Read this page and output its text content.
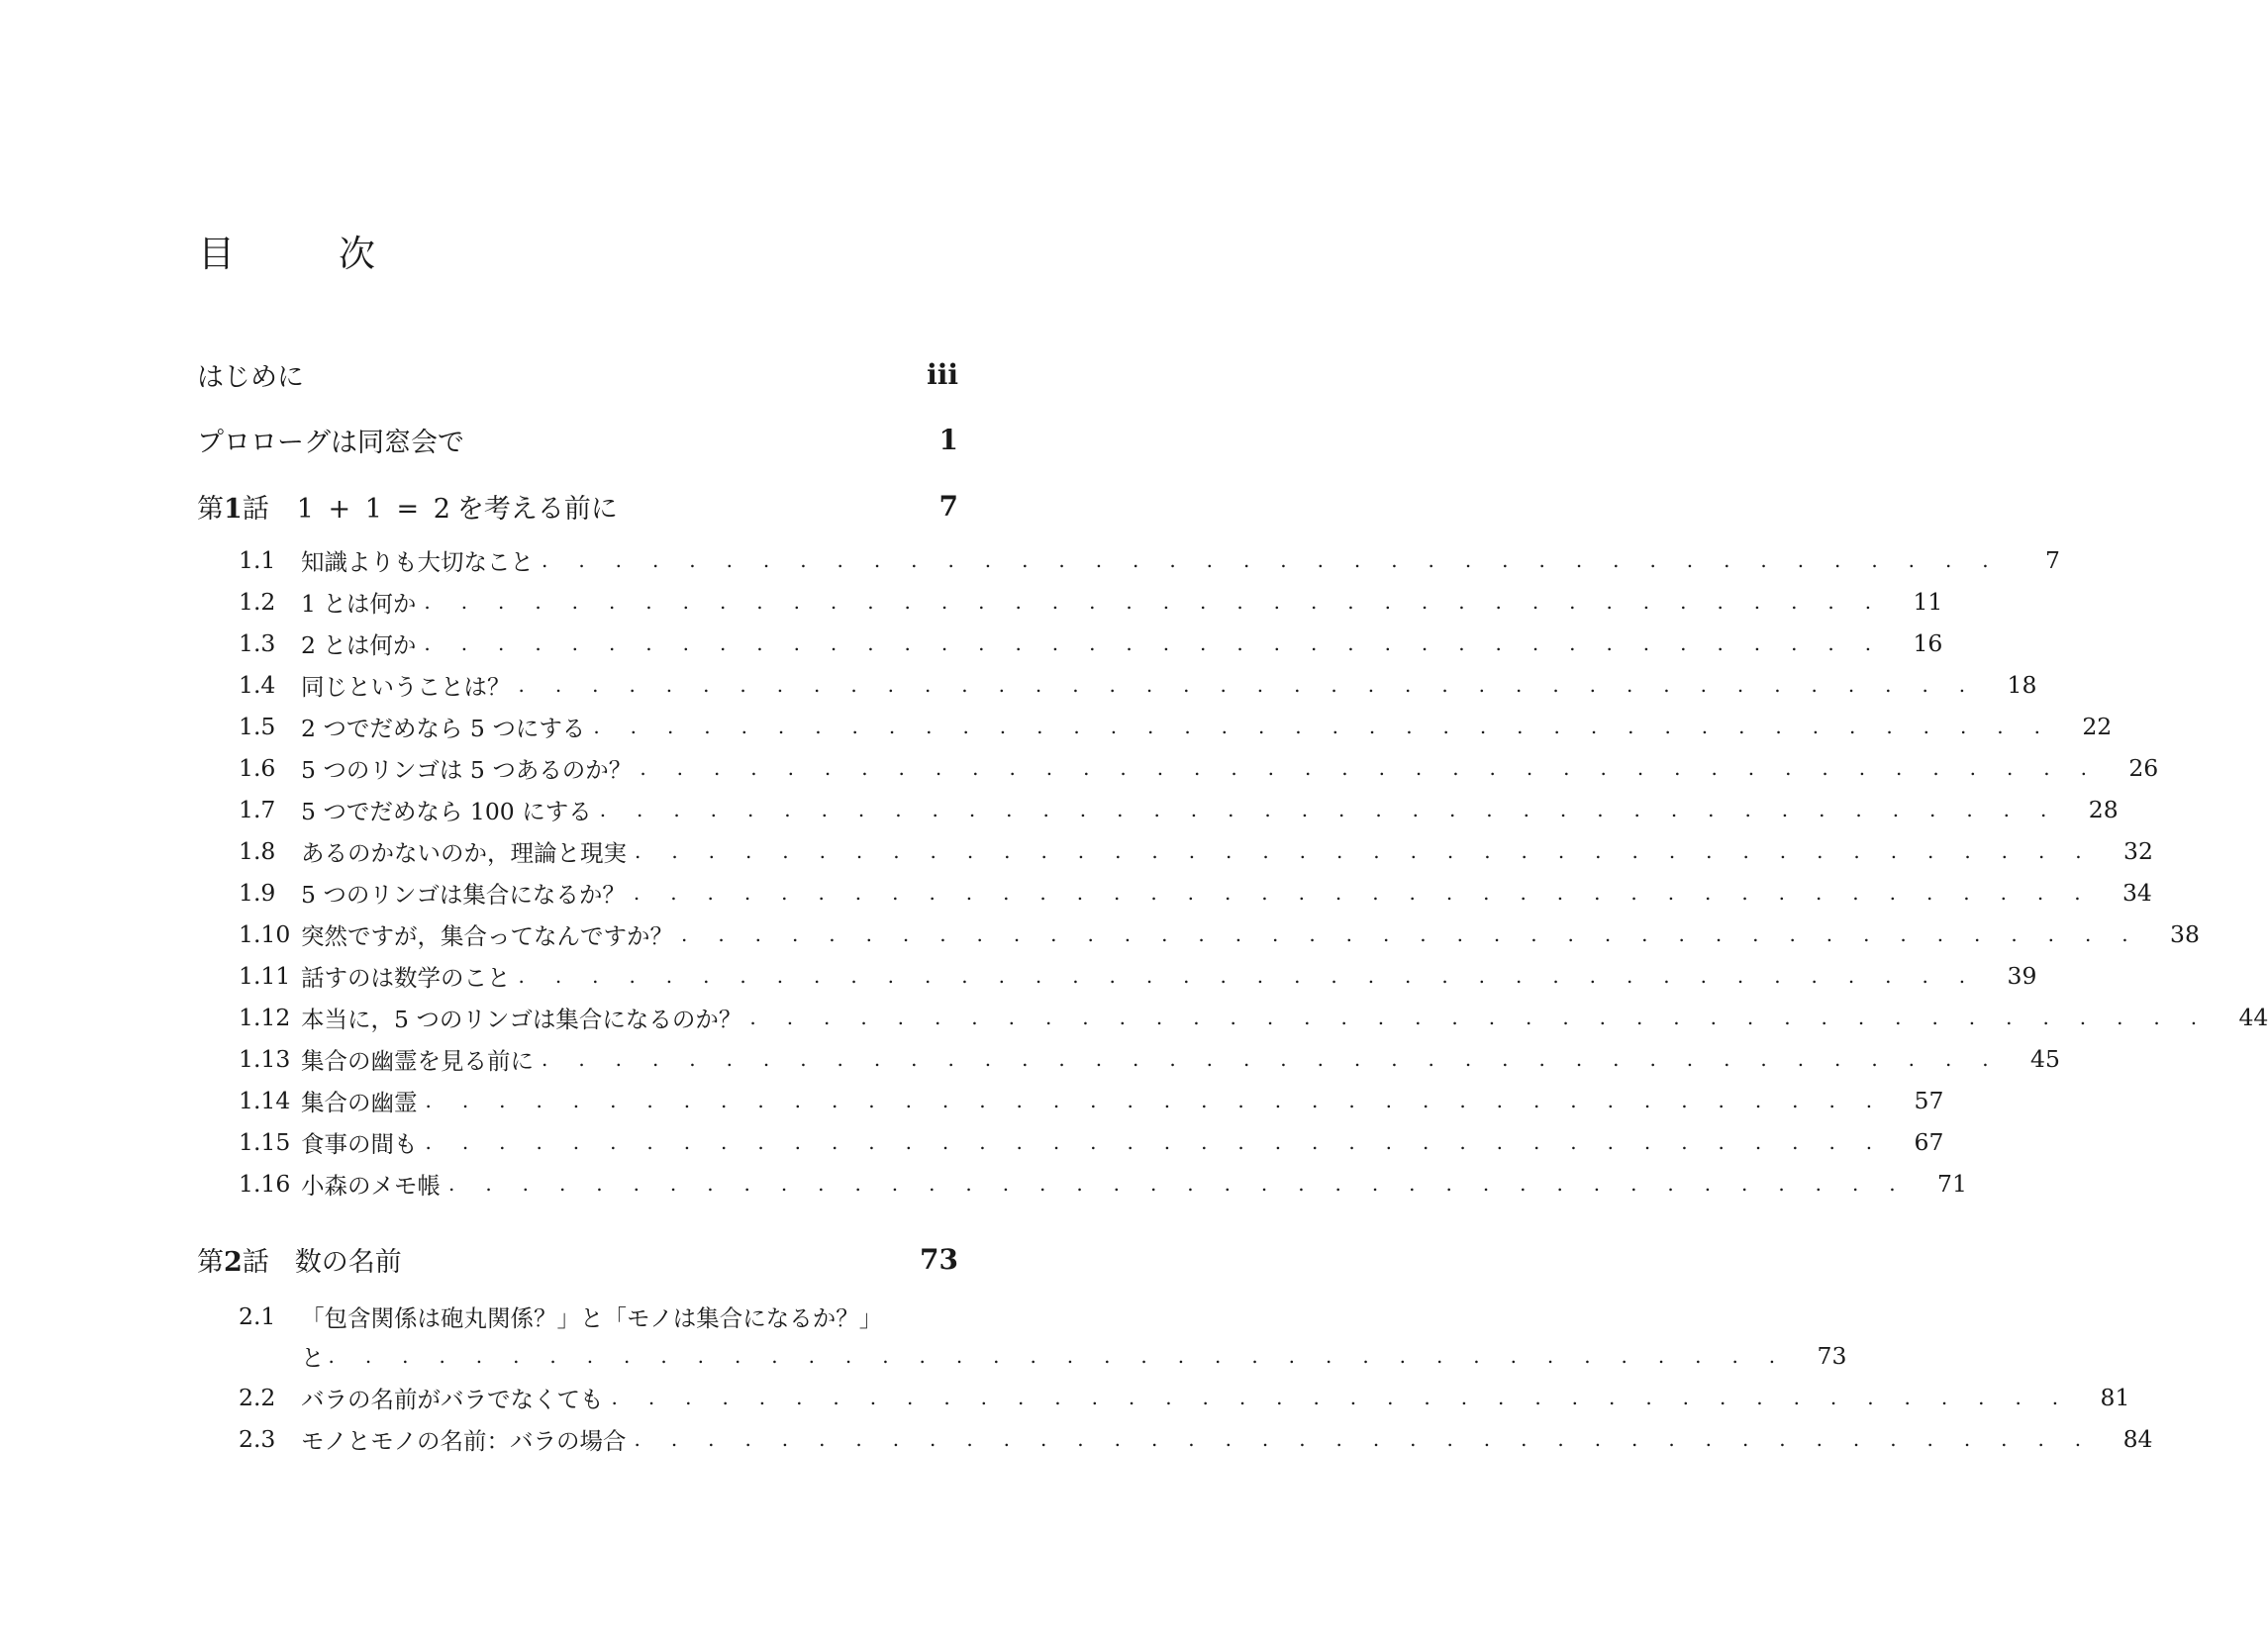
目　次
はじめに	iii
プロローグは同窓会で	1
第1話 1 + 1 = 2 を考える前に	7
1.1	知識よりも大切なこと . . . . . . . . . . . . . . . . . . . . . . . . . . . . . . . . . . . . . . . .	7
1.2	1 とは何か . . . . . . . . . . . . . . . . . . . . . . . . . . . . . . . . . . . . . . . .	11
1.3	2 とは何か . . . . . . . . . . . . . . . . . . . . . . . . . . . . . . . . . . . . . . . .	16
1.4	同じということは？ . . . . . . . . . . . . . . . . . . . . . . . . . . . . . . . . . . . . . . . .	18
1.5	2 つでだめなら 5 つにする . . . . . . . . . . . . . . . . . . . . . . . . . . . . . . . . . . . . . . . .	22
1.6	5 つのリンゴは 5 つあるのか？ . . . . . . . . . . . . . . . . . . . . . . . . . . . . . . . . . . . . . . . .	26
1.7	5 つでだめなら 100 にする . . . . . . . . . . . . . . . . . . . . . . . . . . . . . . . . . . . . . . . .	28
1.8	あるのかないのか，理論と現実 . . . . . . . . . . . . . . . . . . . . . . . . . . . . . . . . . . . . . . . .	32
1.9	5 つのリンゴは集合になるか？ . . . . . . . . . . . . . . . . . . . . . . . . . . . . . . . . . . . . . . . .	34
1.10 突然ですが，集合ってなんですか？ . . . . . . . . . . . . . . . . . . . . . . . . . . . . . . . . . . . . . . . .	38
1.11 話すのは数学のこと . . . . . . . . . . . . . . . . . . . . . . . . . . . . . . . . . . . . . . . .	39
1.12 本当に，5 つのリンゴは集合になるのか？ . . . . . . . . . . . . . . . . . . . . . . . . . . . . . . . . . . . . . . . .	44
1.13 集合の幽霊を見る前に . . . . . . . . . . . . . . . . . . . . . . . . . . . . . . . . . . . . . . . .	45
1.14 集合の幽霊 . . . . . . . . . . . . . . . . . . . . . . . . . . . . . . . . . . . . . . . .	57
1.15 食事の間も . . . . . . . . . . . . . . . . . . . . . . . . . . . . . . . . . . . . . . . .	67
1.16 小森のメモ帳 . . . . . . . . . . . . . . . . . . . . . . . . . . . . . . . . . . . . . . . .	71
第2話 数の名前	73
2.1	「包含関係は砲丸関係？」と「モノは集合になるか？」
と . . . . . . . . . . . . . . . . . . . . . . . . . . . . . . . . . . . . . . . .	73
2.2	バラの名前がバラでなくても . . . . . . . . . . . . . . . . . . . . . . . . . . . . . . . . . . . . . . . .	81
2.3	モノとモノの名前：バラの場合 . . . . . . . . . . . . . . . . . . . . . . . . . . . . . . . . . . . . . . . .	84
